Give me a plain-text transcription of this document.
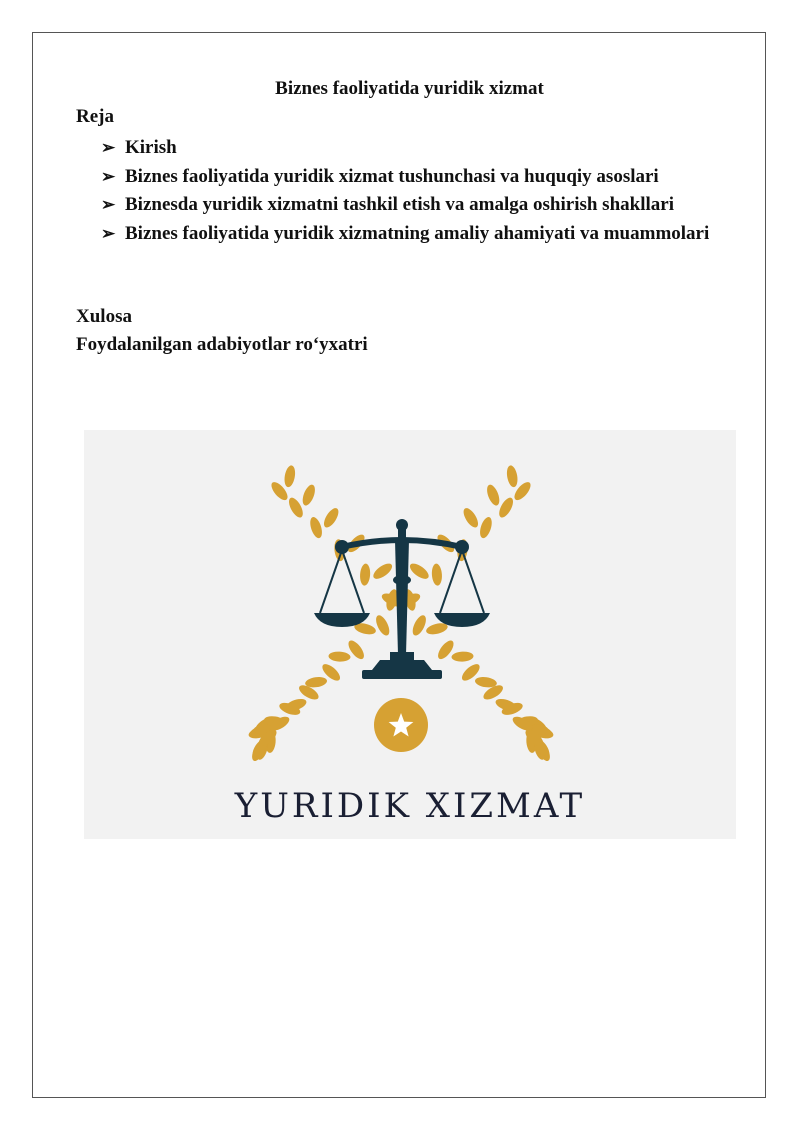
Biznes faoliyatida yuridik xizmat

Reja

➢ Kirish
➢ Biznes faoliyatida yuridik xizmat tushunchasi va huquqiy asoslari
➢ Biznesda yuridik xizmatni tashkil etish va amalga oshirish shakllari
➢ Biznes faoliyatida yuridik xizmatning amaliy ahamiyati va muammolari

Xulosa

Foydalanilgan adabiyotlar ro‘yxatri

YURIDIK XIZMAT
